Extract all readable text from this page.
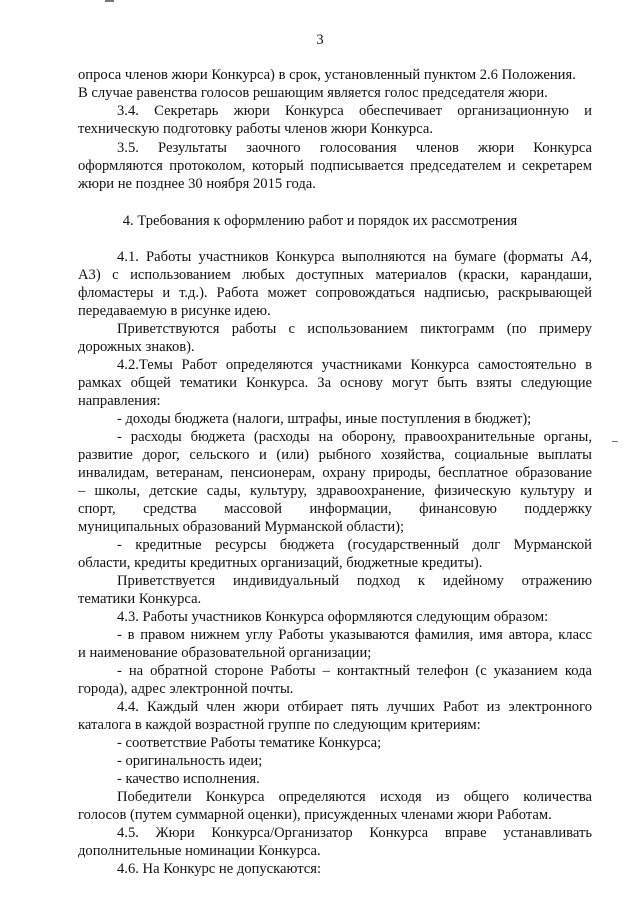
3
опроса членов жюри Конкурса) в срок, установленный пунктом 2.6 Положения.
В случае равенства голосов решающим является голос председателя жюри.
3.4. Секретарь жюри Конкурса обеспечивает организационную и
техническую подготовку работы членов жюри Конкурса.
3.5. Результаты заочного голосования членов жюри Конкурса
оформляются протоколом, который подписывается председателем и секретарем
жюри не позднее 30 ноября 2015 года.
4. Требования к оформлению работ и порядок их рассмотрения
4.1. Работы участников Конкурса выполняются на бумаге (форматы А4,
А3) с использованием любых доступных материалов (краски, карандаши,
фломастеры и т.д.). Работа может сопровождаться надписью, раскрывающей
передаваемую в рисунке идею.
Приветствуются работы с использованием пиктограмм (по примеру
дорожных знаков).
4.2.Темы Работ определяются участниками Конкурса самостоятельно в
рамках общей тематики Конкурса. За основу могут быть взяты следующие
направления:
- доходы бюджета (налоги, штрафы, иные поступления в бюджет);
- расходы бюджета (расходы на оборону, правоохранительные органы,
развитие дорог, сельского и (или) рыбного хозяйства, социальные выплаты
инвалидам, ветеранам, пенсионерам, охрану природы, бесплатное образование
– школы, детские сады, культуру, здравоохранение, физическую культуру и
спорт, средства массовой информации, финансовую поддержку
муниципальных образований Мурманской области);
- кредитные ресурсы бюджета (государственный долг Мурманской
области, кредиты кредитных организаций, бюджетные кредиты).
Приветствуется индивидуальный подход к идейному отражению
тематики Конкурса.
4.3. Работы участников Конкурса оформляются следующим образом:
- в правом нижнем углу Работы указываются фамилия, имя автора, класс
и наименование образовательной организации;
- на обратной стороне Работы – контактный телефон (с указанием кода
города), адрес электронной почты.
4.4. Каждый член жюри отбирает пять лучших Работ из электронного
каталога в каждой возрастной группе по следующим критериям:
- соответствие Работы тематике Конкурса;
- оригинальность идеи;
- качество исполнения.
Победители Конкурса определяются исходя из общего количества
голосов (путем суммарной оценки), присужденных членами жюри Работам.
4.5. Жюри Конкурса/Организатор Конкурса вправе устанавливать
дополнительные номинации Конкурса.
4.6. На Конкурс не допускаются:
